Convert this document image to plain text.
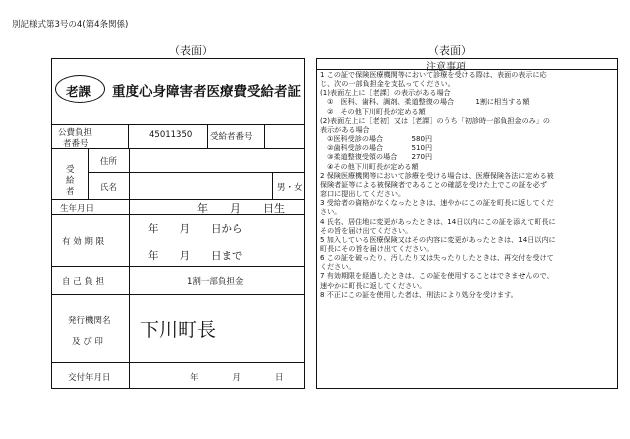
別記様式第3号の4(第4条関係)
（表面）
老課 重度心身障害者医療費受給者証
公費負担
者番号
45011350 受給者番号
受
給
者
住所
氏名	男・女
生年月日	年　　月　　日生
有 効 期 限
年　　月　　日から
年　　月　　日まで
自 己 負 担	1割一部負担金
発行機関名
及 び 印
下川町長
交付年月日	年　　　　月　　　　日
（表面）
注意事項
1 この証で保険医療機関等において診療を受ける際は、表面の表示に応
じ、次の一部負担金を支払ってください。
(1)表面左上に［老課］の表示がある場合
　①　医科、歯科、調剤、柔道整復の場合　　　1割に相当する額
　②　その他下川町長が定める額
(2)表面左上に［老初］又は［老課］のうち「初診時一部負担金のみ」の
表示がある場合
　①医科受診の場合　　　　580円
　②歯科受診の場合　　　　510円
　③柔道整復受領の場合　　270円
　④その他下川町長が定める額
2 保険医療機関等において診療を受ける場合は、医療保険各法に定める被
保険者証等による被保険者であることの確認を受けた上でこの証を必ず
窓口に提出してください。
3 受給者の資格がなくなったときは、速やかにこの証を町長に返してくだ
さい。
4 氏名、居住地に変更があったときは、14日以内にこの証を添えて町長に
その旨を届け出てください。
5 加入している医療保険又はその内容に変更があったときは、14日以内に
町長にその旨を届け出てください。
6 この証を破ったり、汚したり又は失ったりしたときは、再交付を受けて
ください。
7 有効期限を経過したときは、この証を使用することはできませんので、
速やかに町長に返してください。
8 不正にこの証を使用した者は、刑法により処分を受けます。
